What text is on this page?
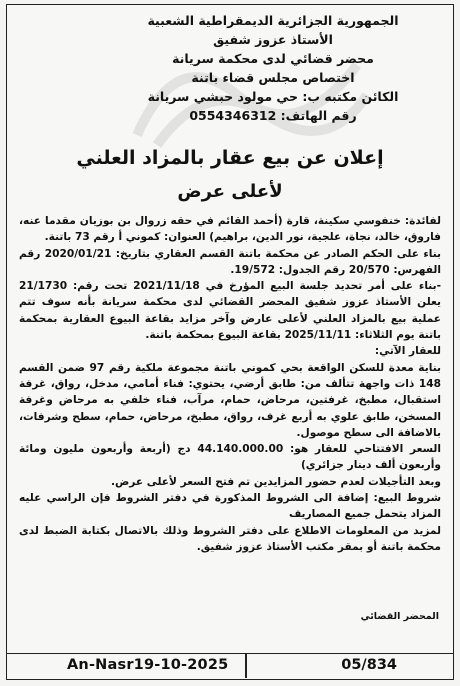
الجمهورية الجزائرية الديمقراطية الشعبية
الأستاذ عزوز شفيق
محضر قضائي لدى محكمة سريانة
اختصاص مجلس قضاء باتنة
الكائن مكتبه ب: حي مولود حبشي سريانة
رقم الهاتف: 0554346312
إعلان عن بيع عقار بالمزاد العلني
لأعلى عرض

لفائدة: خنفوسي سكينة، قارة (أحمد القائم في حقه زروال بن بوزيان مقدما عنه، فاروق، خالد، نجاة، علجية، نور الدين، براهيم) العنوان: كموني أ رقم 73 باتنة.

بناء على الحكم الصادر عن محكمة باتنة القسم العقاري بتاريخ: 2020/01/21 رقم الفهرس: 20/570 رقم الجدول: 19/572.

-بناء على أمر تحديد جلسة البيع المؤرخ في 2021/11/18 تحت رقم: 21/1730 يعلن الأستاذ عزوز شفيق المحضر القضائي لدى محكمة سريانة بأنه سوف تتم عملية بيع بالمزاد العلني لأعلى عارض وآخر مزايد بقاعة البيوع العقارية بمحكمة باتنة يوم الثلاثاء: 2025/11/11 بقاعة البيوع بمحكمة باتنة.

للعقار الآتي:

بناية معدة للسكن الواقعة بحي كموني باتنة مجموعة ملكية رقم 97 ضمن القسم 148 ذات واجهة تتألف من: طابق أرضي، يحتوي: فناء أمامي، مدخل، رواق، غرفة استقبال، مطبخ، غرفتين، مرحاض، حمام، مرآب، فناء خلفي به مرحاض وغرفة المسخن، طابق علوي به أربع غرف، رواق، مطبخ، مرحاض، حمام، سطح وشرفات، بالاضافة الى سطح موصول.

السعر الافتتاحي للعقار هو: 44.140.000.00 دج (أربعة وأربعون مليون ومائة وأربعون ألف دينار جزائري)

وبعد التأجيلات لعدم حضور المزايدين تم فتح السعر لأعلى عرض.

شروط البيع: إضافة الى الشروط المذكورة في دفتر الشروط فإن الراسي عليه المزاد يتحمل جميع المصاريف

لمزيد من المعلومات الاطلاع على دفتر الشروط وذلك بالاتصال بكتابة الضبط لدى محكمة باتنة أو بمقر مكتب الأستاذ عزوز شفيق.

المحضر القضائي
An-Nasr19-10-2025	05/834
